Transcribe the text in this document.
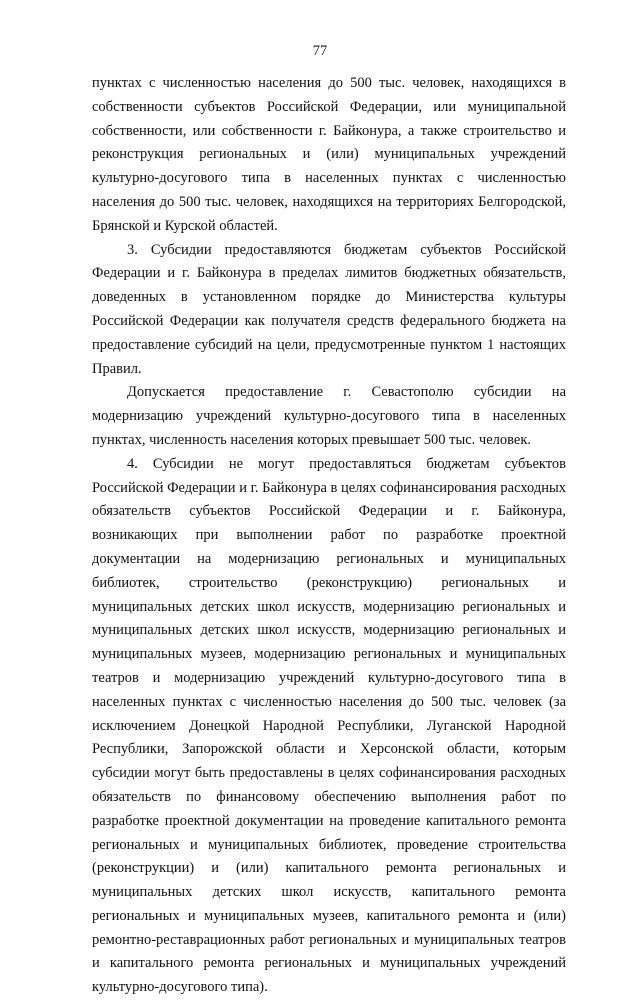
77

пунктах с численностью населения до 500 тыс. человек, находящихся в собственности субъектов Российской Федерации, или муниципальной собственности, или собственности г. Байконура, а также строительство и реконструкция региональных и (или) муниципальных учреждений культурно-досугового типа в населенных пунктах с численностью населения до 500 тыс. человек, находящихся на территориях Белгородской, Брянской и Курской областей.

3. Субсидии предоставляются бюджетам субъектов Российской Федерации и г. Байконура в пределах лимитов бюджетных обязательств, доведенных в установленном порядке до Министерства культуры Российской Федерации как получателя средств федерального бюджета на предоставление субсидий на цели, предусмотренные пунктом 1 настоящих Правил.

Допускается предоставление г. Севастополю субсидии на модернизацию учреждений культурно-досугового типа в населенных пунктах, численность населения которых превышает 500 тыс. человек.

4. Субсидии не могут предоставляться бюджетам субъектов Российской Федерации и г. Байконура в целях софинансирования расходных обязательств субъектов Российской Федерации и г. Байконура, возникающих при выполнении работ по разработке проектной документации на модернизацию региональных и муниципальных библиотек, строительство (реконструкцию) региональных и муниципальных детских школ искусств, модернизацию региональных и муниципальных детских школ искусств, модернизацию региональных и муниципальных музеев, модернизацию региональных и муниципальных театров и модернизацию учреждений культурно-досугового типа в населенных пунктах с численностью населения до 500 тыс. человек (за исключением Донецкой Народной Республики, Луганской Народной Республики, Запорожской области и Херсонской области, которым субсидии могут быть предоставлены в целях софинансирования расходных обязательств по финансовому обеспечению выполнения работ по разработке проектной документации на проведение капитального ремонта региональных и муниципальных библиотек, проведение строительства (реконструкции) и (или) капитального ремонта региональных и муниципальных детских школ искусств, капитального ремонта региональных и муниципальных музеев, капитального ремонта и (или) ремонтно-реставрационных работ региональных и муниципальных театров и капитального ремонта региональных и муниципальных учреждений культурно-досугового типа).
